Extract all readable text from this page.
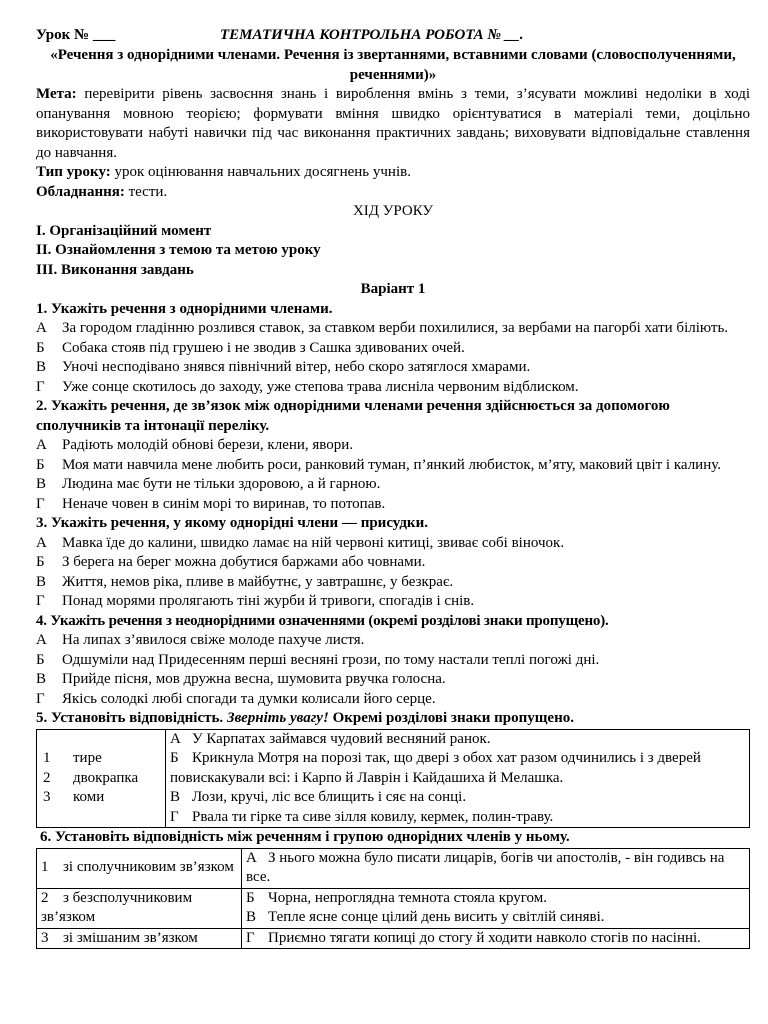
Урок № ___	ТЕМАТИЧНА КОНТРОЛЬНА РОБОТА № __.
«Речення з однорідними членами. Речення із звертаннями, вставними словами (словосполученнями, реченнями)»
Мета: перевірити рівень засвоєння знань і вироблення вмінь з теми, з’ясувати можливі недоліки в ході опанування мовною теорією; формувати вміння швидко орієнтуватися в матеріалі теми, доцільно використовувати набуті навички під час виконання практичних завдань; виховувати відповідальне ставлення до навчання.
Тип уроку: урок оцінювання навчальних досягнень учнів.
Обладнання: тести.
ХІД УРОКУ
I. Організаційний момент
II. Ознайомлення з темою та метою уроку
III. Виконання завдань
Варіант 1
1. Укажіть речення з однорідними членами.
А За городом гладінню розлився ставок, за ставком верби похилилися, за вербами на пагорбі хати біліють.
Б Собака стояв під грушею і не зводив з Сашка здивованих очей.
В Уночі несподівано знявся північний вітер, небо скоро затяглося хмарами.
Г Уже сонце скотилось до заходу, уже степова трава лисніла червоним відблиском.
2. Укажіть речення, де зв’язок між однорідними членами речення здійснюється за допомогою сполучників та інтонації переліку.
А Радіють молодій обнові берези, клени, явори.
Б Моя мати навчила мене любить роси, ранковий туман, п’янкий любисток, м’яту, маковий цвіт і калину.
В Людина має бути не тільки здоровою, а й гарною.
Г Неначе човен в синім морі то виринав, то потопав.
3. Укажіть речення, у якому однорідні члени — присудки.
А Мавка їде до калини, швидко ламає на ній червоні китиці, звиває собі віночок.
Б З берега на берег можна добутися баржами або човнами.
В Життя, немов ріка, пливе в майбутнє, у завтрашнє, у безкрає.
Г Понад морями пролягають тіні журби й тривоги, спогадів і снів.
4. Укажіть речення з неоднорідними означеннями (окремі розділові знаки пропущено).
А На липах з’явилося свіже молоде пахуче листя.
Б Одшуміли над Придесенням перші весняні грози, по тому настали теплі погожі дні.
В Прийде пісня, мов дружна весна, шумовита рвучка голосна.
Г Якісь солодкі любі спогади та думки колисали його серце.
5. Установіть відповідність. Зверніть увагу! Окремі розділові знаки пропущено.
1 тире
2 двокрапка
3 коми

А У Карпатах займався чудовий весняний ранок.
Б Крикнула Мотря на порозі так, що двері з обох хат разом одчинились і з дверей повискакували всі: і Карпо й Лаврін і Кайдашиха й Мелашка.
В Лози, кручі, ліс все блищить і сяє на сонці.
Г Рвала ти гірке та сиве зілля ковилу, кермек, полин-траву.
6. Установіть відповідність між реченням і групою однорідних членів у ньому.
1 зі сполучниковим зв’язком	А З нього можна було писати лицарів, богів чи апостолів, - він годивсь на все.
2 з безсполучниковим зв’язком	Б Чорна, непроглядна темнота стояла кругом.
В Тепле ясне сонце цілий день висить у світлій синяві.
3 зі змішаним зв’язком	Г Приємно тягати копиці до стогу й ходити навколо стогів по насінні.
